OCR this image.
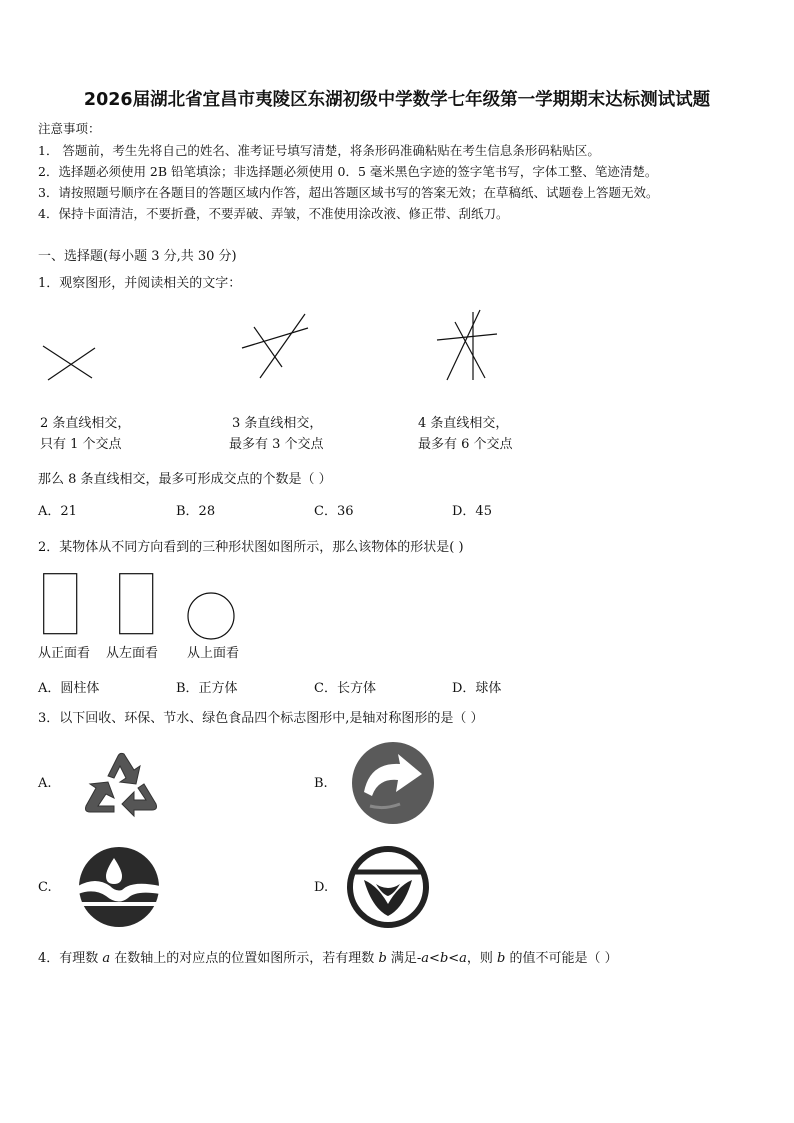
2026届湖北省宜昌市夷陵区东湖初级中学数学七年级第一学期期末达标测试试题
注意事项：
1． 答题前，考生先将自己的姓名、准考证号填写清楚，将条形码准确粘贴在考生信息条形码粘贴区。
2．选择题必须使用 2B 铅笔填涂；非选择题必须使用 0．5 毫米黑色字迹的签字笔书写，字体工整、笔迹清楚。
3．请按照题号顺序在各题目的答题区域内作答，超出答题区域书写的答案无效；在草稿纸、试题卷上答题无效。
4．保持卡面清洁，不要折叠，不要弄破、弄皱，不准使用涂改液、修正带、刮纸刀。
一、选择题(每小题 3 分,共 30 分)
1．观察图形，并阅读相关的文字：
2 条直线相交，
只有 1 个交点
3 条直线相交，
最多有 3 个交点
4 条直线相交，
最多有 6 个交点
那么 8 条直线相交，最多可形成交点的个数是（ ）
A．21	B．28	C．36	D．45
2．某物体从不同方向看到的三种形状图如图所示，那么该物体的形状是( )
从正面看 从左面看 从上面看
A．圆柱体	B．正方体	C．长方体	D．球体
3．以下回收、环保、节水、绿色食品四个标志图形中,是轴对称图形的是（ ）
A.	B.
C.	D.
4．有理数 a 在数轴上的对应点的位置如图所示，若有理数 b 满足-a<b<a，则 b 的值不可能是（ ）
